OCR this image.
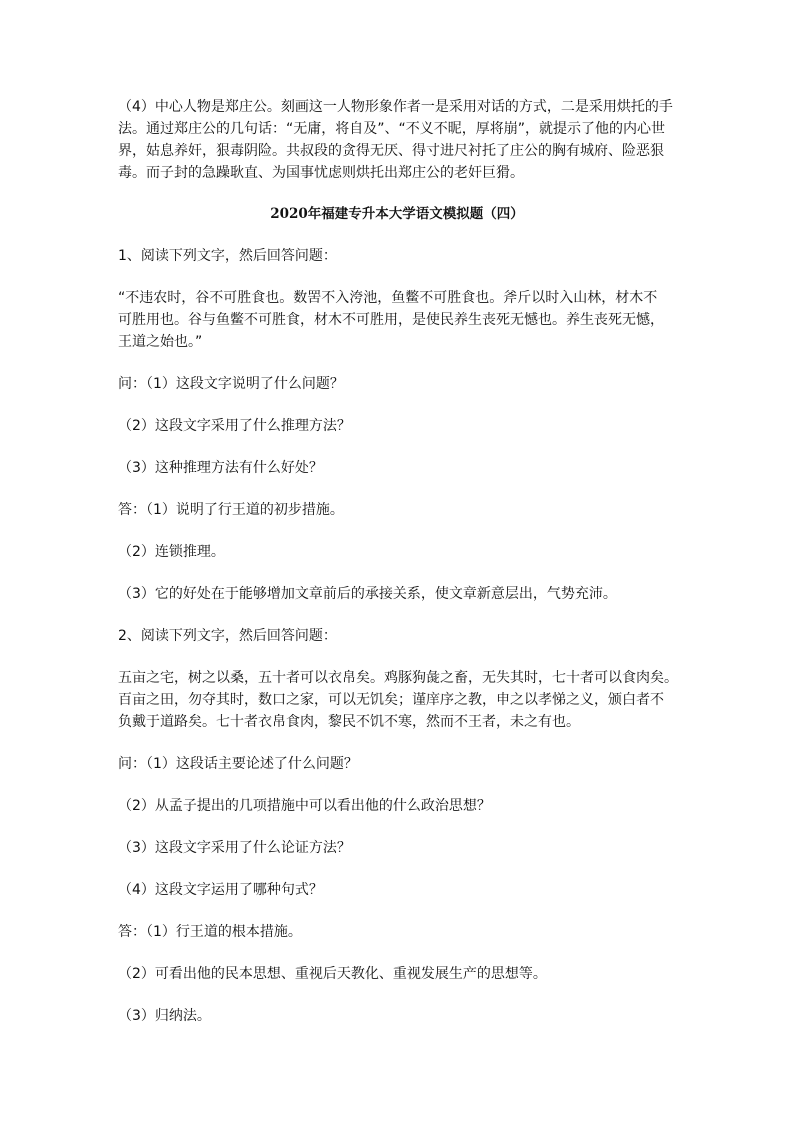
（4）中心人物是郑庄公。刻画这一人物形象作者一是采用对话的方式，二是采用烘托的手

法。通过郑庄公的几句话：“无庸，将自及”、“不义不昵，厚将崩”，就提示了他的内心世

界，姑息养奸，狠毒阴险。共叔段的贪得无厌、得寸进尺衬托了庄公的胸有城府、险恶狠

毒。而子封的急躁耿直、为国事忧虑则烘托出郑庄公的老奸巨猾。

2020年福建专升本大学语文模拟题（四）

1、阅读下列文字，然后回答问题：

“不违农时，谷不可胜食也。数罟不入洿池，鱼鳖不可胜食也。斧斤以时入山林，材木不

可胜用也。谷与鱼鳖不可胜食，材木不可胜用，是使民养生丧死无憾也。养生丧死无憾，

王道之始也。”

问：（1）这段文字说明了什么问题？

（2）这段文字采用了什么推理方法？

（3）这种推理方法有什么好处？

答：（1）说明了行王道的初步措施。

（2）连锁推理。

（3）它的好处在于能够增加文章前后的承接关系，使文章新意层出，气势充沛。

2、阅读下列文字，然后回答问题：

五亩之宅，树之以桑，五十者可以衣帛矣。鸡豚狗彘之畜，无失其时，七十者可以食肉矣。

百亩之田，勿夺其时，数口之家，可以无饥矣；谨庠序之教，申之以孝悌之义，颁白者不

负戴于道路矣。七十者衣帛食肉，黎民不饥不寒，然而不王者，未之有也。

问：（1）这段话主要论述了什么问题？

（2）从孟子提出的几项措施中可以看出他的什么政治思想？

（3）这段文字采用了什么论证方法？

（4）这段文字运用了哪种句式？

答：（1）行王道的根本措施。

（2）可看出他的民本思想、重视后天教化、重视发展生产的思想等。

（3）归纳法。
